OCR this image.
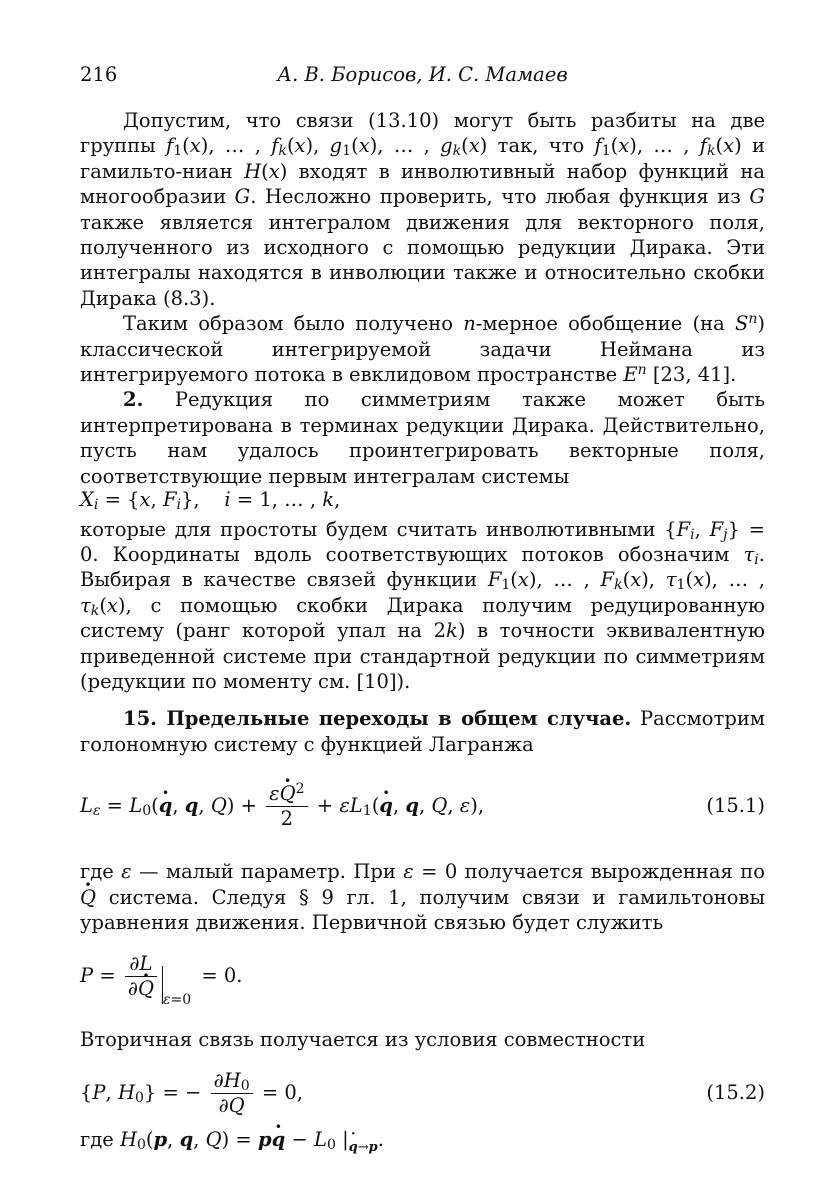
216	А. В. Борисов, И. С. Мамаев

Допустим, что связи (13.10) могут быть разбиты на две группы $f_1(x)$, … , $f_k(x)$, $g_1(x)$, … , $g_k(x)$ так, что $f_1(x)$, … , $f_k(x)$ и гамильто-ниан H(x) входят в инволютивный набор функций на многообразии G. Несложно проверить, что любая функция из G также является интегралом движения для векторного поля, полученного из исходного с помощью редукции Дирака. Эти интегралы находятся в инволюции также и относительно скобки Дирака (8.3).

Таким образом было получено n-мерное обобщение (на $S^n$) классической интегрируемой задачи Неймана из интегрируемого потока в евклидовом пространстве $E^n$ [23, 41].

2. Редукция по симметриям также может быть интерпретирована в терминах редукции Дирака. Действительно, пусть нам удалось проинтегрировать векторные поля, соответствующие первым интегралам системы

$X_i = \{x$, $F_i$},    i = 1, … , k,

которые для простоты будем считать инволютивными {$F_i$, $F_j\} = 0$. Координаты вдоль соответствующих потоков обозначим $\tau_i$. Выбирая в качестве связей функции $F_1(x)$, … , $F_k(x)$, $\tau_1(x)$, … , $\tau_k(x)$, с помощью скобки Дирака получим редуцированную систему (ранг которой упал на 2k) в точности эквивалентную приведенной системе при стандартной редукции по симметриям (редукции по моменту см. [10]).

15. Предельные переходы в общем случае. Рассмотрим голономную систему с функцией Лагранжа

$L_\varepsilon = L_0(q$ ·, q, $Q) + \frac{\varepsilon Q \cdot^2}{2} + \varepsilon L_1(q$ ·, q, Q, ε),	(15.1)

где ε — малый параметр. При ε = 0 получается вырожденная по Q · система. Следуя § 9 гл. 1, получим связи и гамильтоновы уравнения движения. Первичной связью будет служить

$P = \frac{\partial L}{\partial Q} \cdot \varepsilon=0 = 0$.

Вторичная связь получается из условия совместности

{P, $H_0$} = − $\frac{\partial H_0}{\partial Q} = 0$,	(15.2)

где $H_0(p$, q, Q) = pq · − $L_0$ $|_{q \cdot\to p}$.
